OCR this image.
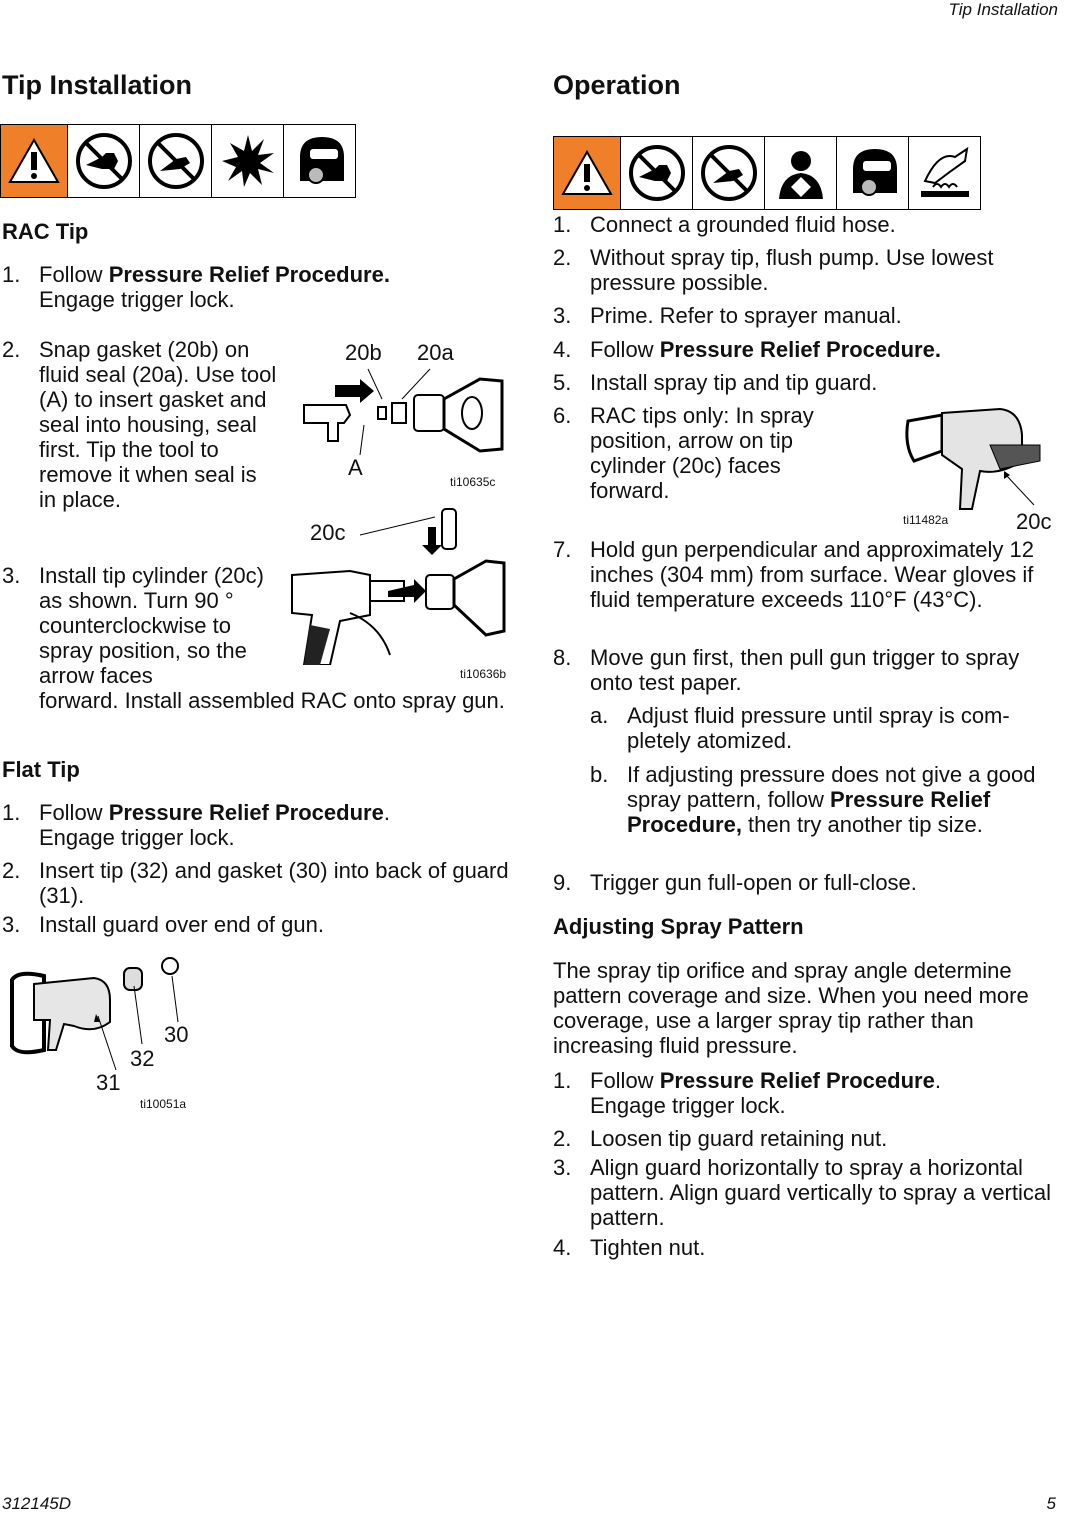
Tip Installation
Tip Installation
RAC Tip
1. Follow Pressure Relief Procedure.
Engage trigger lock.
2. Snap gasket (20b) on fluid seal (20a). Use tool (A) to insert gasket and seal into housing, seal first. Tip the tool to remove it when seal is in place.
20b 20a
A
ti10635c
20c
ti10636b
3. Install tip cylinder (20c) as shown. Turn 90 ° counterclockwise to spray position, so the arrow faces
forward. Install assembled RAC onto spray gun.
Flat Tip
1. Follow Pressure Relief Procedure.
Engage trigger lock.
2. Insert tip (32) and gasket (30) into back of guard (31).
3. Install guard over end of gun.
30
32
31
ti10051a
Operation
1. Connect a grounded fluid hose.
2. Without spray tip, flush pump. Use lowest pressure possible.
3. Prime. Refer to sprayer manual.
4. Follow Pressure Relief Procedure.
5. Install spray tip and tip guard.
6. RAC tips only: In spray position, arrow on tip cylinder (20c) faces forward.
ti11482a	20c
7. Hold gun perpendicular and approximately 12 inches (304 mm) from surface. Wear gloves if fluid temperature exceeds 110°F (43°C).
8. Move gun first, then pull gun trigger to spray onto test paper.
a. Adjust fluid pressure until spray is com- pletely atomized.
b. If adjusting pressure does not give a good spray pattern, follow Pressure Relief Procedure, then try another tip size.
9. Trigger gun full-open or full-close.
Adjusting Spray Pattern
The spray tip orifice and spray angle determine pattern coverage and size. When you need more coverage, use a larger spray tip rather than increasing fluid pressure.
1. Follow Pressure Relief Procedure.
Engage trigger lock.
2. Loosen tip guard retaining nut.
3. Align guard horizontally to spray a horizontal pattern. Align guard vertically to spray a vertical pattern.
4. Tighten nut.
312145D	5
